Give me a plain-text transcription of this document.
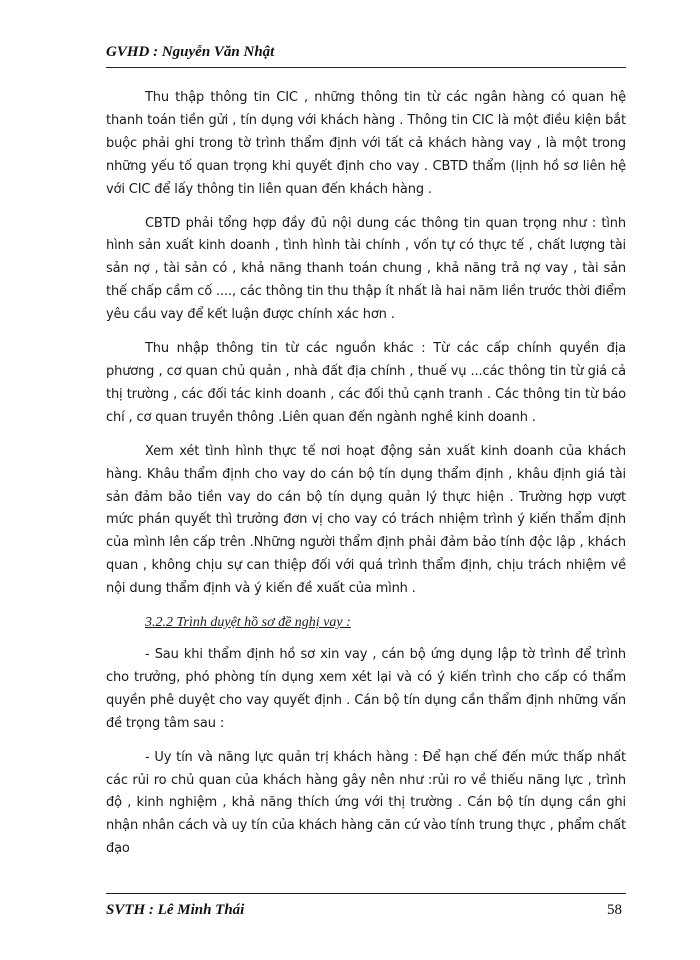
GVHD : Nguyễn Văn Nhật

Thu thập thông tin CIC , những thông tin từ các ngân hàng có quan hệ thanh toán tiền gửi , tín dụng với khách hàng . Thông tin CIC là một điều kiện bắt buộc phải ghi trong tờ trình thẩm định với tất cả khách hàng vay , là một trong những yếu tố quan trọng khi quyết định cho vay . CBTD thẩm (lịnh hồ sơ liên hệ với CIC để lấy thông tin liên quan đến khách hàng .

CBTD phải tổng hợp đầy đủ nội dung các thông tin quan trọng như : tình hình sản xuất kinh doanh , tình hình tài chính , vốn tự có thực tế , chất lượng tài sản nợ , tài sản có , khả năng thanh toán chung , khả năng trả nợ vay , tài sản thế chấp cầm cố ...., các thông tin thu thập ít nhất là hai năm liền trước thời điểm yêu cầu vay để kết luận được chính xác hơn .

Thu nhập thông tin từ các nguồn khác : Từ các cấp chính quyền địa phương , cơ quan chủ quản , nhà đất địa chính , thuế vụ ...các thông tin từ giá cả thị trường , các đối tác kinh doanh , các đối thủ cạnh tranh . Các thông tin từ báo chí , cơ quan truyền thông .Liên quan đến ngành nghề kinh doanh .

Xem xét tình hình thực tế nơi hoạt động sản xuất kinh doanh của khách hàng. Khâu thẩm định cho vay do cán bộ tín dụng thẩm định , khâu định giá tài sản đảm bảo tiền vay do cán bộ tín dụng quản lý thực hiện . Trường hợp vượt mức phán quyết thì trưởng đơn vị cho vay có trách nhiệm trình ý kiến thẩm định của mình lên cấp trên .Những người thẩm định phải đảm bảo tính độc lập , khách quan , không chịu sự can thiệp đối với quá trình thẩm định, chịu trách nhiệm về nội dung thẩm định và ý kiến đề xuất của mình .

3.2.2 Trình duyệt hồ sơ đề nghị vay :

- Sau khi thẩm định hồ sơ xin vay , cán bộ ứng dụng lập tờ trình để trình cho trưởng, phó phòng tín dụng xem xét lại và có ý kiến trình cho cấp có thẩm quyền phê duyệt cho vay quyết định . Cán bộ tín dụng cần thẩm định những vấn đề trọng tâm sau :

- Uy tín và năng lực quản trị khách hàng : Để hạn chế đến mức thấp nhất các rủi ro chủ quan của khách hàng gây nên như :rủi ro về thiếu năng lực , trình độ , kinh nghiệm , khả năng thích ứng với thị trường . Cán bộ tín dụng cần ghi nhận nhân cách và uy tín của khách hàng căn cứ vào tính trung thực , phẩm chất đạo

SVTH : Lê Minh Thái	58
